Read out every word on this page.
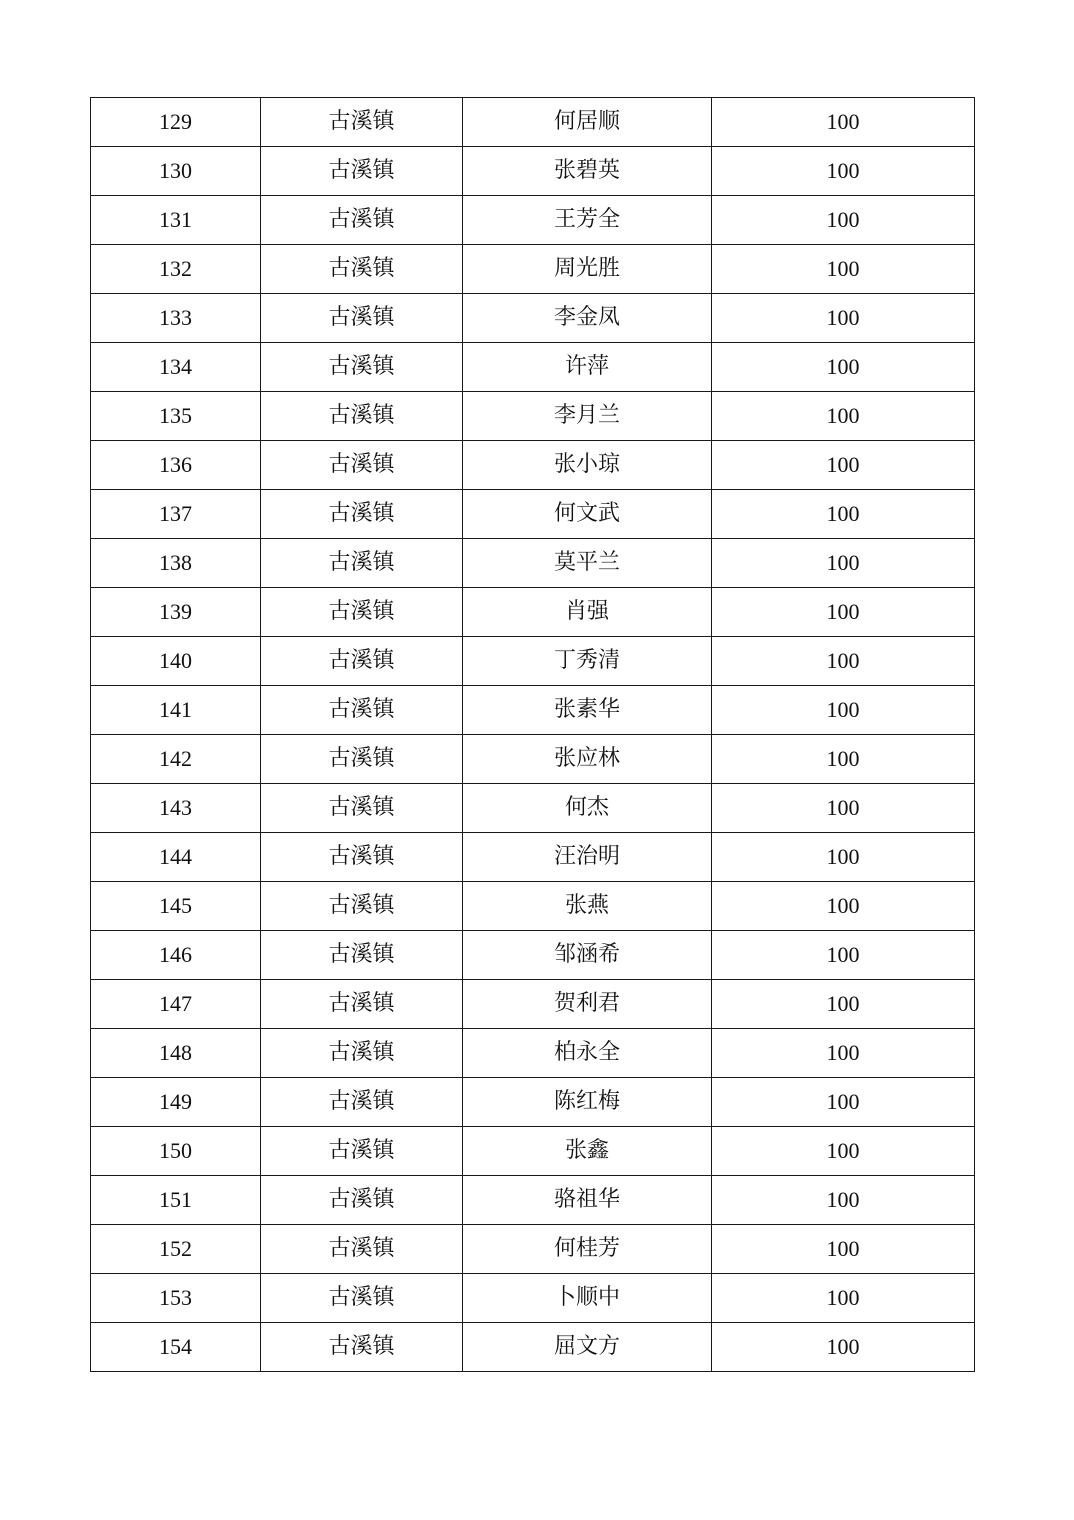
129	古溪镇	何居顺	100
130	古溪镇	张碧英	100
131	古溪镇	王芳全	100
132	古溪镇	周光胜	100
133	古溪镇	李金凤	100
134	古溪镇	许萍	100
135	古溪镇	李月兰	100
136	古溪镇	张小琼	100
137	古溪镇	何文武	100
138	古溪镇	莫平兰	100
139	古溪镇	肖强	100
140	古溪镇	丁秀清	100
141	古溪镇	张素华	100
142	古溪镇	张应林	100
143	古溪镇	何杰	100
144	古溪镇	汪治明	100
145	古溪镇	张燕	100
146	古溪镇	邹涵希	100
147	古溪镇	贺利君	100
148	古溪镇	柏永全	100
149	古溪镇	陈红梅	100
150	古溪镇	张鑫	100
151	古溪镇	骆祖华	100
152	古溪镇	何桂芳	100
153	古溪镇	卜顺中	100
154	古溪镇	屈文方	100
